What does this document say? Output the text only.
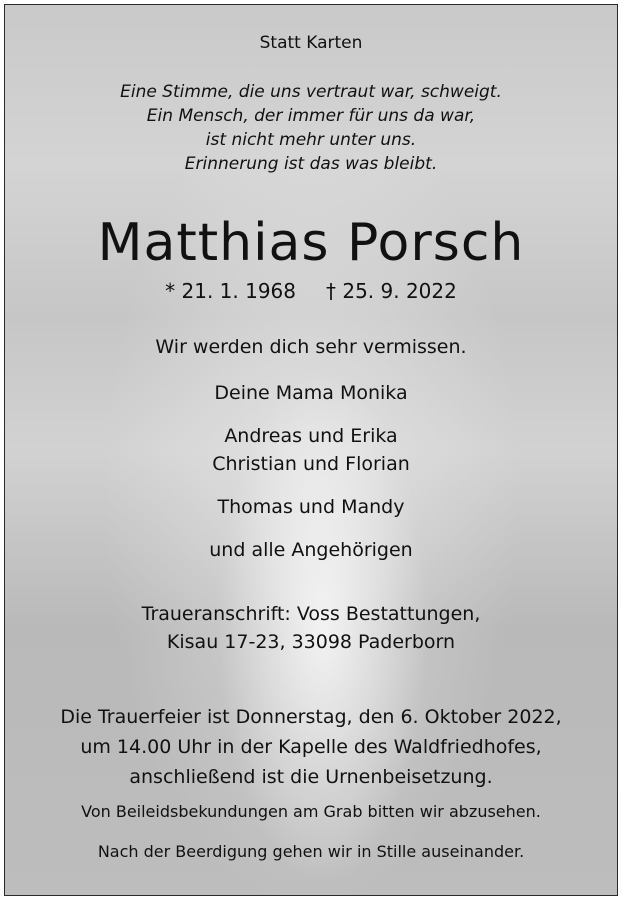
Statt Karten
Eine Stimme, die uns vertraut war, schweigt.
Ein Mensch, der immer für uns da war,
ist nicht mehr unter uns.
Erinnerung ist das was bleibt.
Matthias Porsch
* 21. 1. 1968 † 25. 9. 2022
Wir werden dich sehr vermissen.
Deine Mama Monika
Andreas und Erika
Christian und Florian
Thomas und Mandy
und alle Angehörigen
Traueranschrift: Voss Bestattungen,
Kisau 17-23, 33098 Paderborn
Die Trauerfeier ist Donnerstag, den 6. Oktober 2022,
um 14.00 Uhr in der Kapelle des Waldfriedhofes,
anschließend ist die Urnenbeisetzung.
Von Beileidsbekundungen am Grab bitten wir abzusehen.
Nach der Beerdigung gehen wir in Stille auseinander.
